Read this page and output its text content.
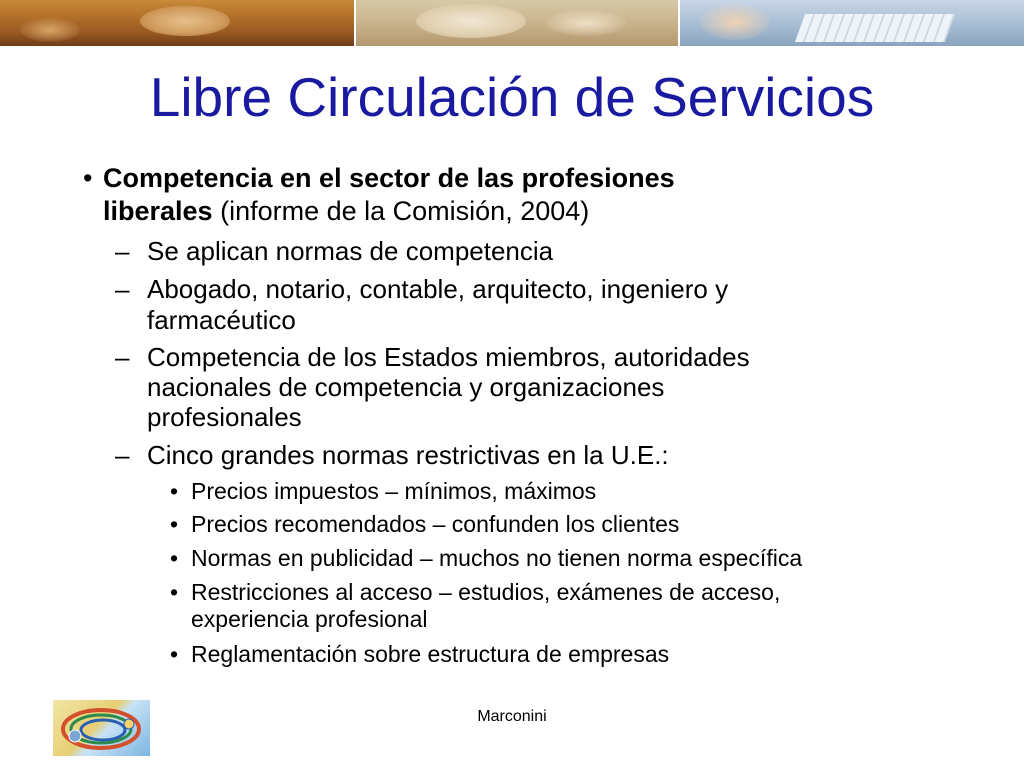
Libre Circulación de Servicios
• Competencia en el sector de las profesiones
liberales (informe de la Comisión, 2004)
– Se aplican normas de competencia
– Abogado, notario, contable, arquitecto, ingeniero y
farmacéutico
– Competencia de los Estados miembros, autoridades
nacionales de competencia y organizaciones
profesionales
– Cinco grandes normas restrictivas en la U.E.:
• Precios impuestos – mínimos, máximos
• Precios recomendados – confunden los clientes
• Normas en publicidad – muchos no tienen norma específica
• Restricciones al acceso – estudios, exámenes de acceso,
experiencia profesional
• Reglamentación sobre estructura de empresas
Marconini
